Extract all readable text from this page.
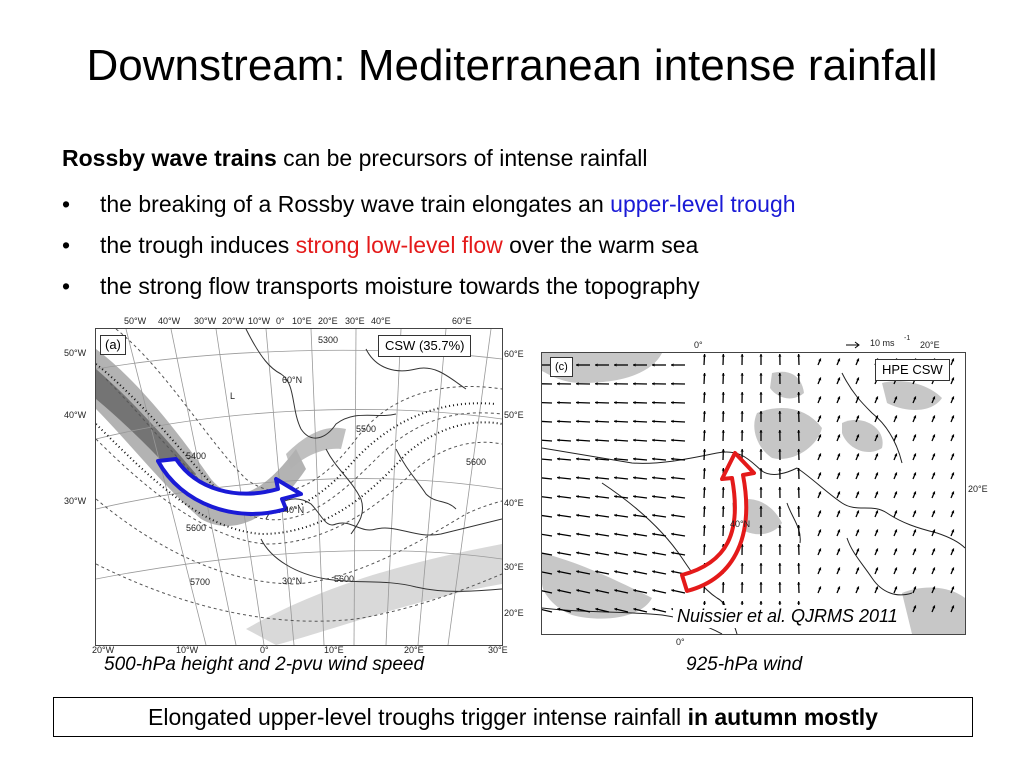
Downstream: Mediterranean intense rainfall
Rossby wave trains can be precursors of intense rainfall
• the breaking of a Rossby wave train elongates an upper-level trough
• the trough induces strong low-level flow over the warm sea
• the strong flow transports moisture towards the topography
(a)	CSW (35.7%)
L
60°N
40°N
30°N
5300
5400
5500
5600
5700	5600
5600
50°W 40°W 30°W 20°W 10°W 0° 10°E 20°E 30°E 40°E	60°E
50°W
40°W
30°W
60°E
50°E
40°E
30°E
20°E
20°W	10°W	0°	10°E	20°E	30°E
(c)	HPE CSW
40°N
0°	10 ms -1
20°E
20°E
0°
Nuissier et al. QJRMS 2011
500-hPa height and 2-pvu wind speed	925-hPa wind
Elongated upper-level troughs trigger intense rainfall in autumn mostly
